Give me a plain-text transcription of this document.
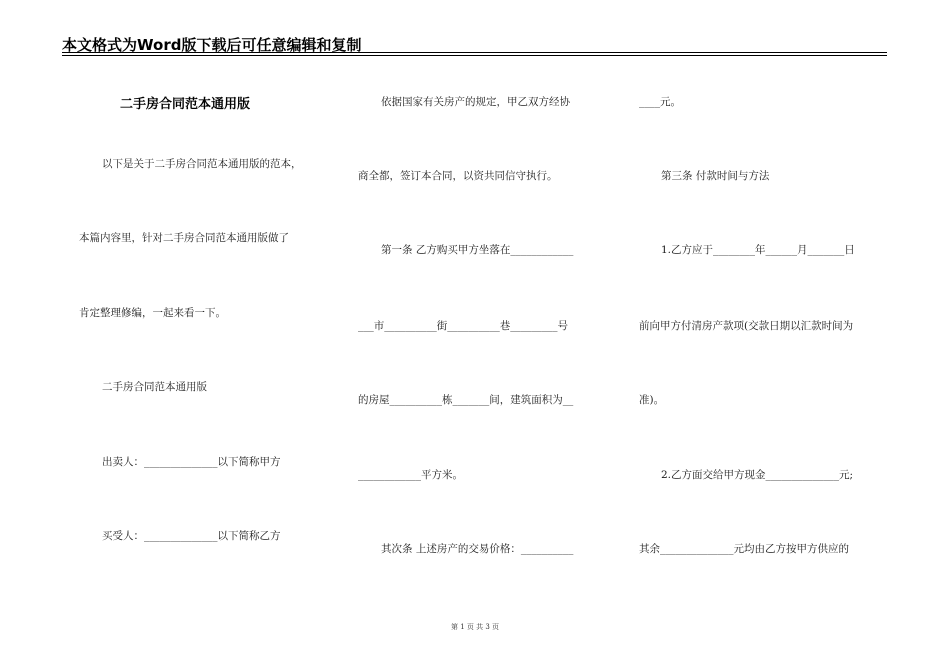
本文格式为Word版下载后可任意编辑和复制
二手房合同范本通用版
以下是关于二手房合同范本通用版的范本，
本篇内容里，针对二手房合同范本通用版做了
肯定整理修编，一起来看一下。
二手房合同范本通用版
出卖人：______________以下简称甲方
买受人：______________以下简称乙方
依据国家有关房产的规定，甲乙双方经协
商全都，签订本合同，以资共同信守执行。
第一条 乙方购买甲方坐落在____________
___市__________街__________巷_________号
的房屋__________栋_______间，建筑面积为__
____________平方米。
其次条 上述房产的交易价格：__________
____元。
第三条 付款时间与方法
1.乙方应于________年______月_______日
前向甲方付清房产款项(交款日期以汇款时间为
准)。
2.乙方面交给甲方现金______________元;
其余______________元均由乙方按甲方供应的
第 1 页 共 3 页
